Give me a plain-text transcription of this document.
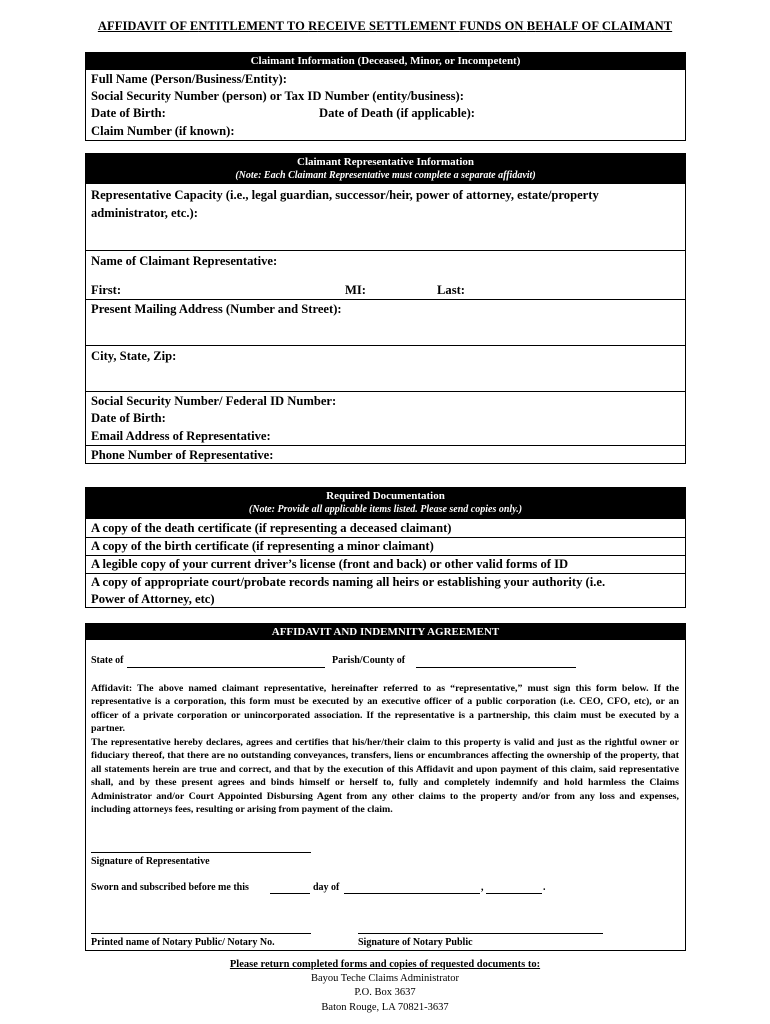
AFFIDAVIT OF ENTITLEMENT TO RECEIVE SETTLEMENT FUNDS ON BEHALF OF CLAIMANT
Claimant Information (Deceased, Minor, or Incompetent)
Full Name (Person/Business/Entity):
Social Security Number (person) or Tax ID Number (entity/business):
Date of Birth:	Date of Death (if applicable):
Claim Number (if known):
Claimant Representative Information
(Note: Each Claimant Representative must complete a separate affidavit)
Representative Capacity (i.e., legal guardian, successor/heir, power of attorney, estate/property
administrator, etc.):
Name of Claimant Representative:
First:	MI:	Last:
Present Mailing Address (Number and Street):
City, State, Zip:
Social Security Number/ Federal ID Number:
Date of Birth:
Email Address of Representative:
Phone Number of Representative:
Required Documentation
(Note: Provide all applicable items listed. Please send copies only.)
A copy of the death certificate (if representing a deceased claimant)
A copy of the birth certificate (if representing a minor claimant)
A legible copy of your current driver’s license (front and back) or other valid forms of ID
A copy of appropriate court/probate records naming all heirs or establishing your authority (i.e.
Power of Attorney, etc)
AFFIDAVIT AND INDEMNITY AGREEMENT
State of	Parish/County of
Affidavit: The above named claimant representative, hereinafter referred to as “representative,” must sign this form below. If the representative is a corporation, this form must be executed by an executive officer of a public corporation (i.e. CEO, CFO, etc), or an officer of a private corporation or unincorporated association. If the representative is a partnership, this claim must be executed by a partner.
The representative hereby declares, agrees and certifies that his/her/their claim to this property is valid and just as the rightful owner or fiduciary thereof, that there are no outstanding conveyances, transfers, liens or encumbrances affecting the ownership of the property, that all statements herein are true and correct, and that by the execution of this Affidavit and upon payment of this claim, said representative shall, and by these present agrees and binds himself or herself to, fully and completely indemnify and hold harmless the Claims Administrator and/or Court Appointed Disbursing Agent from any other claims to the property and/or from any loss and expenses, including attorneys fees, resulting or arising from payment of the claim.
Signature of Representative
Sworn and subscribed before me this	day of	,	.
Printed name of Notary Public/ Notary No.	Signature of Notary Public
Please return completed forms and copies of requested documents to:
Bayou Teche Claims Administrator
P.O. Box 3637
Baton Rouge, LA 70821-3637
